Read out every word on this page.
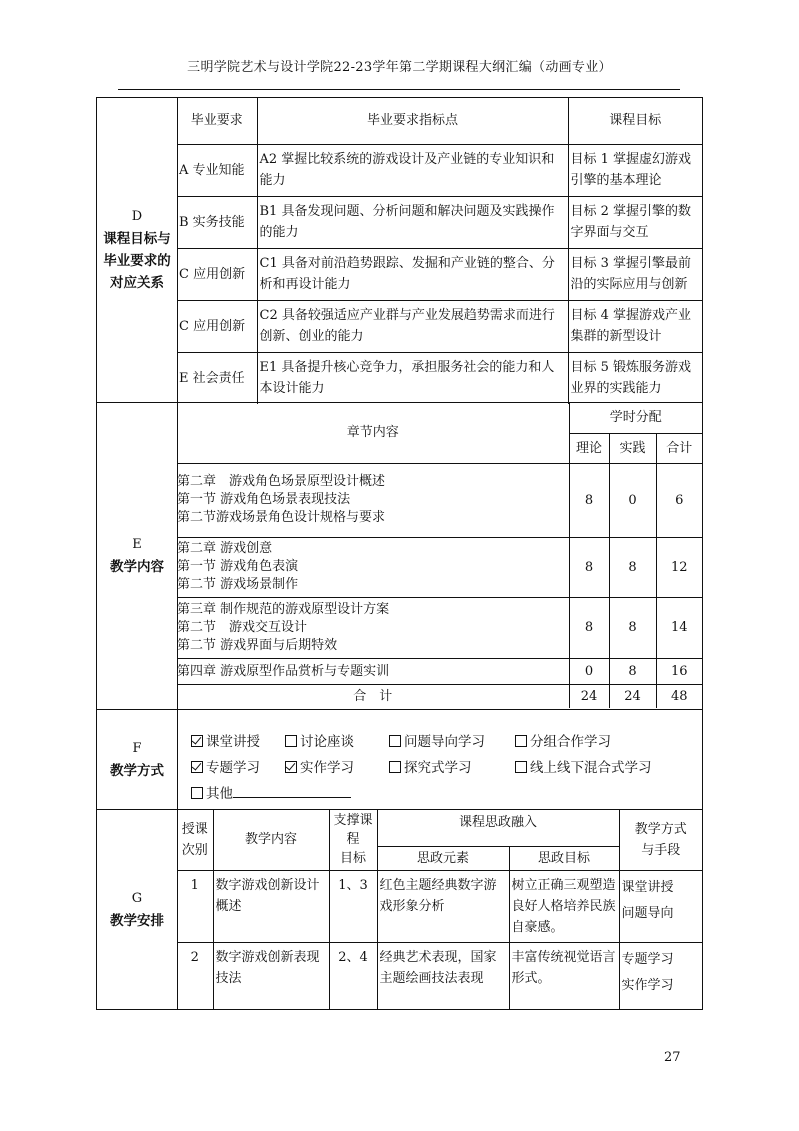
三明学院艺术与设计学院22-23学年第二学期课程大纲汇编（动画专业）
D
课程目标与
毕业要求的
对应关系
毕业要求	毕业要求指标点	课程目标
A 专业知能	A2 掌握比较系统的游戏设计及产业链的专业知识和能力	目标 1 掌握虚幻游戏引擎的基本理论
B 实务技能	B1 具备发现问题、分析问题和解决问题及实践操作的能力	目标 2 掌握引擎的数字界面与交互
C 应用创新	C1 具备对前沿趋势跟踪、发掘和产业链的整合、分析和再设计能力	目标 3 掌握引擎最前沿的实际应用与创新
C 应用创新	C2 具备较强适应产业群与产业发展趋势需求而进行创新、创业的能力	目标 4 掌握游戏产业集群的新型设计
E 社会责任	E1 具备提升核心竞争力，承担服务社会的能力和人本设计能力	目标 5 锻炼服务游戏业界的实践能力
E
教学内容
章节内容	学时分配		
	理论	实践	合计

第二章　游戏角色场景原型设计概述
第一节 游戏角色场景表现技法
第二节游戏场景角色设计规格与要求	8	0	6

第二章 游戏创意
第一节 游戏角色表演
第二节 游戏场景制作	8	8	12

第三章 制作规范的游戏原型设计方案
第二节　游戏交互设计
第二节 游戏界面与后期特效	8	8	14
第四章 游戏原型作品赏析与专题实训	0	8	16
合　计	24	24	48
F
教学方式
课堂讲授	讨论座谈	问题导向学习	分组合作学习
专题学习	实作学习	探究式学习	线上线下混合式学习
其他
G
教学安排
授课
次别	教学内容	支撑课
程
目标	课程思政融入		教学方式
与手段

			思政元素	思政目标	
1	数字游戏创新设计概述	1、3	红色主题经典数字游戏形象分析	树立正确三观塑造良好人格培养民族自豪感。	课堂讲授
问题导向

2	数字游戏创新表现技法	2、4	经典艺术表现，国家主题绘画技法表现	丰富传统视觉语言形式。	专题学习
实作学习
27
